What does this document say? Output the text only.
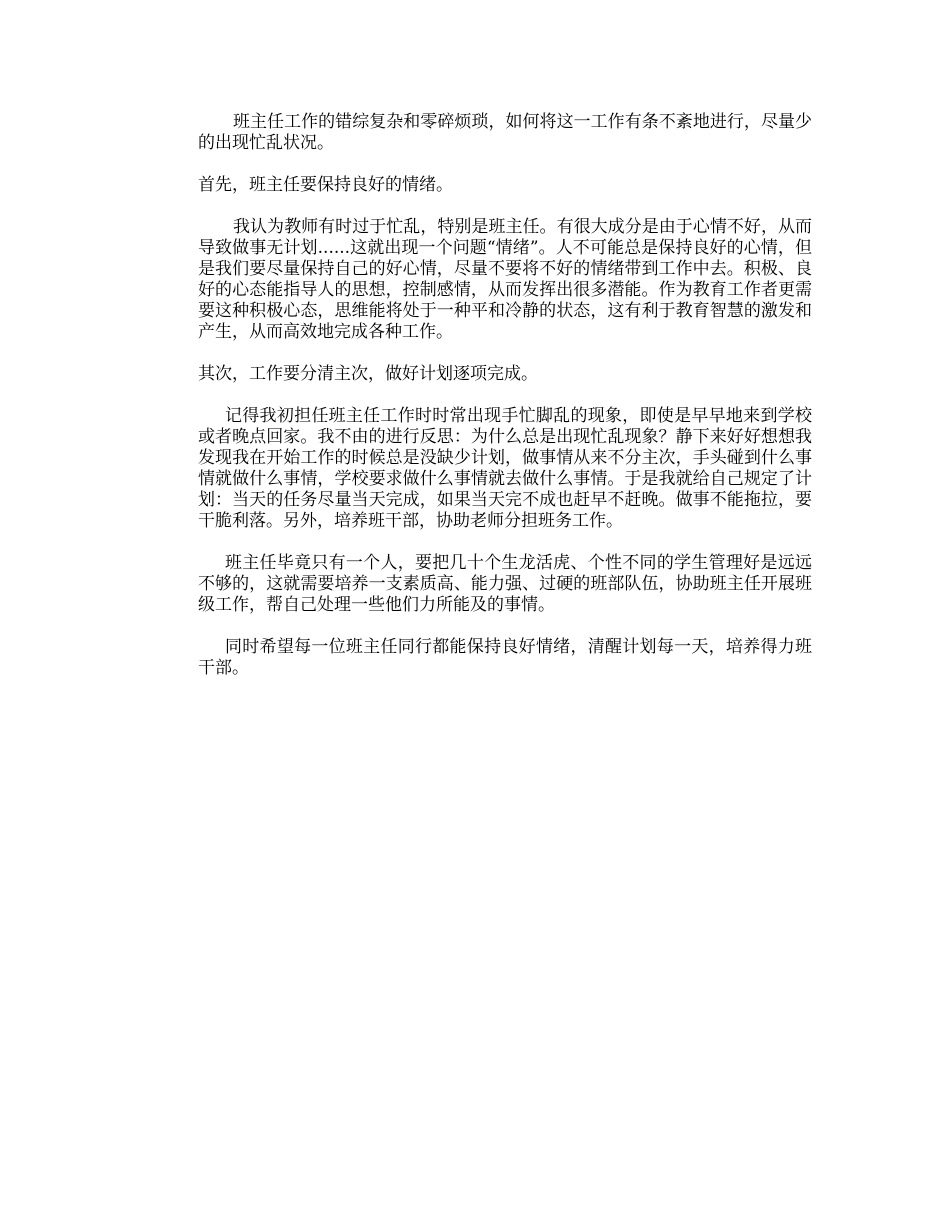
班主任工作的错综复杂和零碎烦琐，如何将这一工作有条不紊地进行，尽量少的出现忙乱状况。

首先，班主任要保持良好的情绪。

我认为教师有时过于忙乱，特别是班主任。有很大成分是由于心情不好，从而导致做事无计划......这就出现一个问题“情绪”。人不可能总是保持良好的心情，但是我们要尽量保持自己的好心情，尽量不要将不好的情绪带到工作中去。积极、良好的心态能指导人的思想，控制感情，从而发挥出很多潜能。作为教育工作者更需要这种积极心态，思维能将处于一种平和冷静的状态，这有利于教育智慧的激发和产生，从而高效地完成各种工作。

其次，工作要分清主次，做好计划逐项完成。

记得我初担任班主任工作时时常出现手忙脚乱的现象，即使是早早地来到学校或者晚点回家。我不由的进行反思：为什么总是出现忙乱现象？静下来好好想想我发现我在开始工作的时候总是没缺少计划，做事情从来不分主次，手头碰到什么事情就做什么事情，学校要求做什么事情就去做什么事情。于是我就给自己规定了计划：当天的任务尽量当天完成，如果当天完不成也赶早不赶晚。做事不能拖拉，要干脆利落。另外，培养班干部，协助老师分担班务工作。

班主任毕竟只有一个人，要把几十个生龙活虎、个性不同的学生管理好是远远不够的，这就需要培养一支素质高、能力强、过硬的班部队伍，协助班主任开展班级工作，帮自己处理一些他们力所能及的事情。

同时希望每一位班主任同行都能保持良好情绪，清醒计划每一天，培养得力班干部。
